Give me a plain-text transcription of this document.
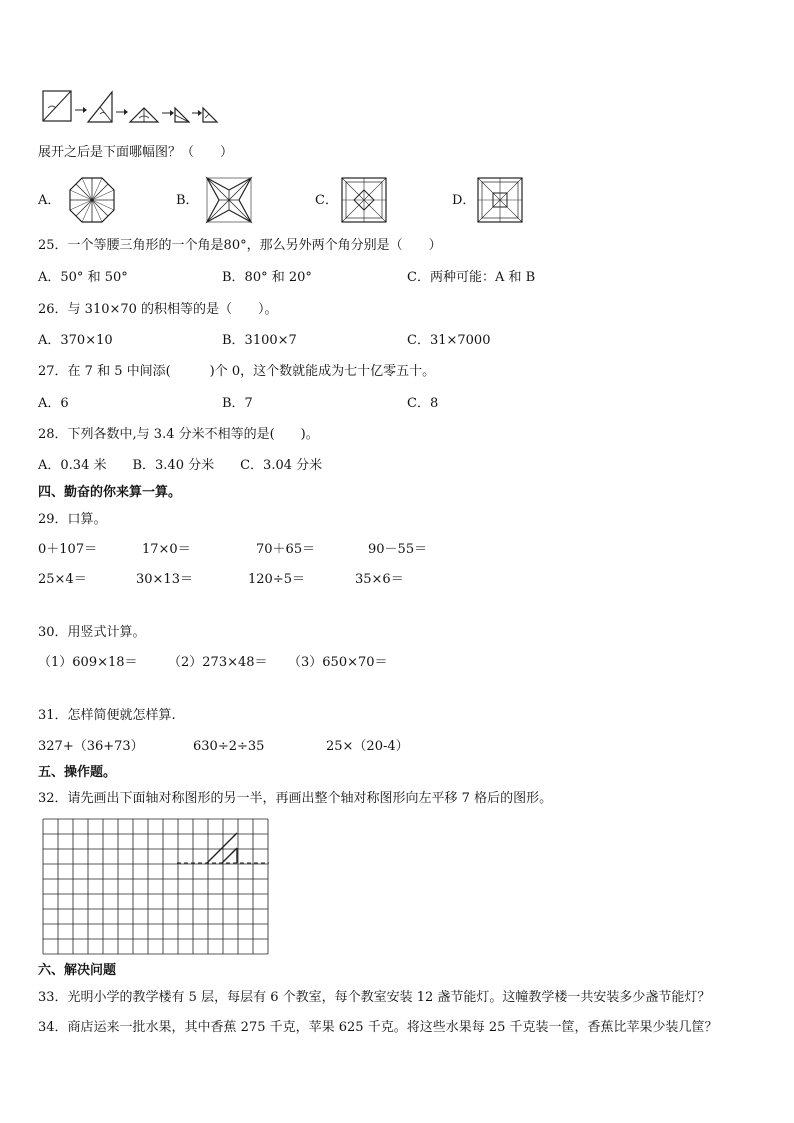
展开之后是下面哪幅图？（　　）
A．	B．	C．	D．
25．一个等腰三角形的一个角是80°，那么另外两个角分别是（　　）
A．50° 和 50°	B．80° 和 20°	C．两种可能：A 和 B
26．与 310×70 的积相等的是（　　）。
A．370×10	B．3100×7	C．31×7000
27．在 7 和 5 中间添(　　　)个 0，这个数就能成为七十亿零五十。
A．6	B．7	C．8
28．下列各数中,与 3.4 分米不相等的是(　　)。
A．0.34 米　　B．3.40 分米　　C．3.04 分米
四、勤奋的你来算一算。
29．口算。
0＋107＝	17×0＝	70＋65＝	90－55＝
25×4＝	30×13＝	120÷5＝	35×6＝
30．用竖式计算。
（1）609×18＝ （2）273×48＝ （3）650×70＝
31．怎样简便就怎样算.
327+（36+73）	630÷2÷35	25×（20-4）
五、操作题。
32．请先画出下面轴对称图形的另一半，再画出整个轴对称图形向左平移 7 格后的图形。
六、解决问题
33．光明小学的教学楼有 5 层，每层有 6 个教室，每个教室安装 12 盏节能灯。这幢教学楼一共安装多少盏节能灯？
34．商店运来一批水果，其中香蕉 275 千克，苹果 625 千克。将这些水果每 25 千克装一筐，香蕉比苹果少装几筐？
